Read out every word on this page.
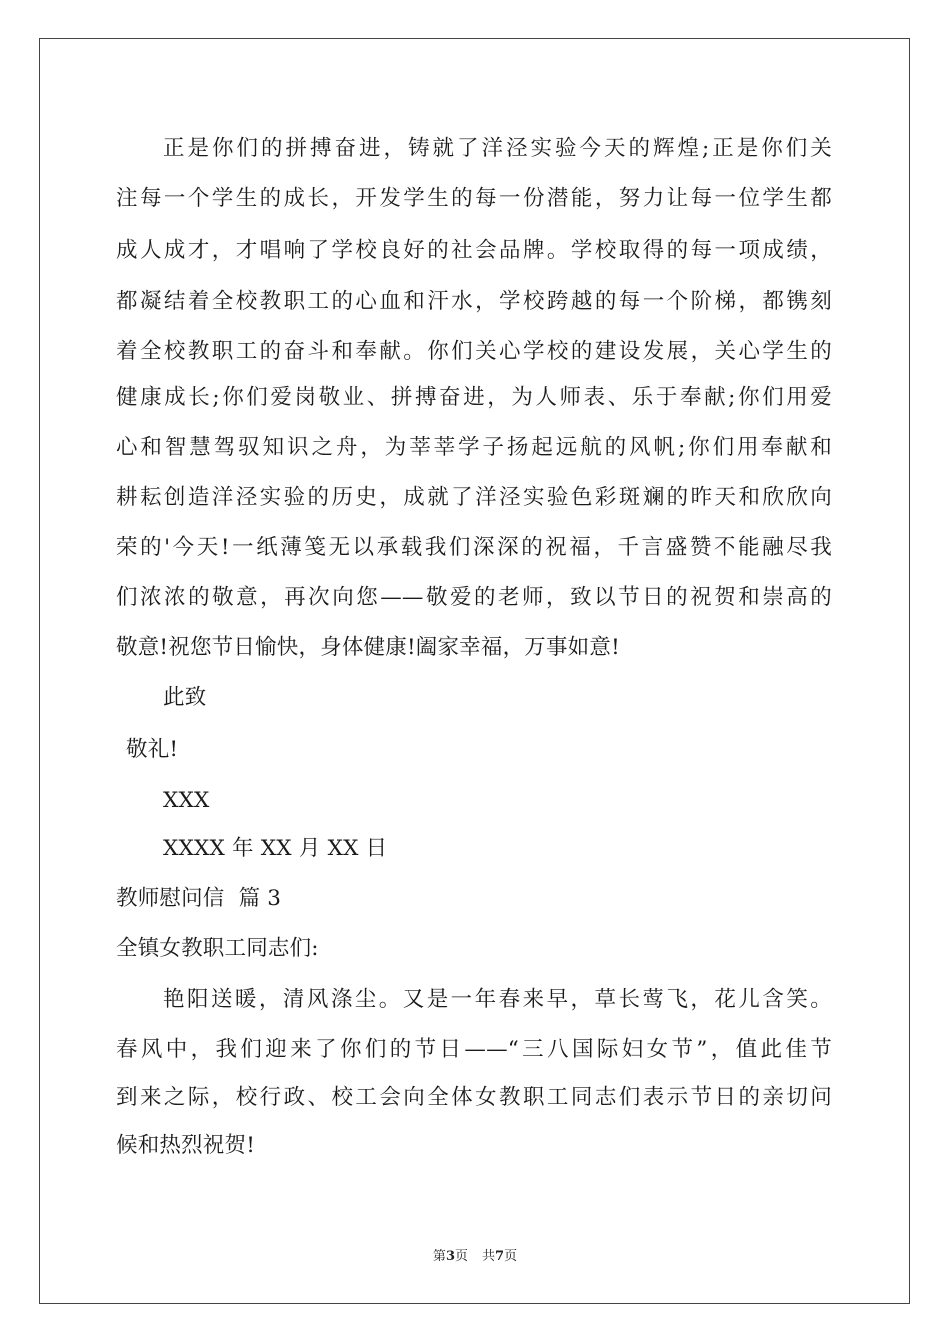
正是你们的拼搏奋进，铸就了洋泾实验今天的辉煌;正是你们关
注每一个学生的成长，开发学生的每一份潜能，努力让每一位学生都
成人成才，才唱响了学校良好的社会品牌。学校取得的每一项成绩，
都凝结着全校教职工的心血和汗水，学校跨越的每一个阶梯，都镌刻
着全校教职工的奋斗和奉献。你们关心学校的建设发展，关心学生的
健康成长;你们爱岗敬业、拼搏奋进，为人师表、乐于奉献;你们用爱
心和智慧驾驭知识之舟，为莘莘学子扬起远航的风帆;你们用奉献和
耕耘创造洋泾实验的历史，成就了洋泾实验色彩斑斓的昨天和欣欣向
荣的'今天!一纸薄笺无以承载我们深深的祝福，千言盛赞不能融尽我
们浓浓的敬意，再次向您——敬爱的老师，致以节日的祝贺和崇高的
敬意!祝您节日愉快，身体健康!阖家幸福，万事如意!
此致
敬礼!
XXX
XXXX 年 XX 月 XX 日
教师慰问信  篇 3
全镇女教职工同志们:
艳阳送暖，清风涤尘。又是一年春来早，草长莺飞，花儿含笑。
春风中，我们迎来了你们的节日——“三八国际妇女节”，值此佳节
到来之际，校行政、校工会向全体女教职工同志们表示节日的亲切问
候和热烈祝贺!
第3页 共7页
